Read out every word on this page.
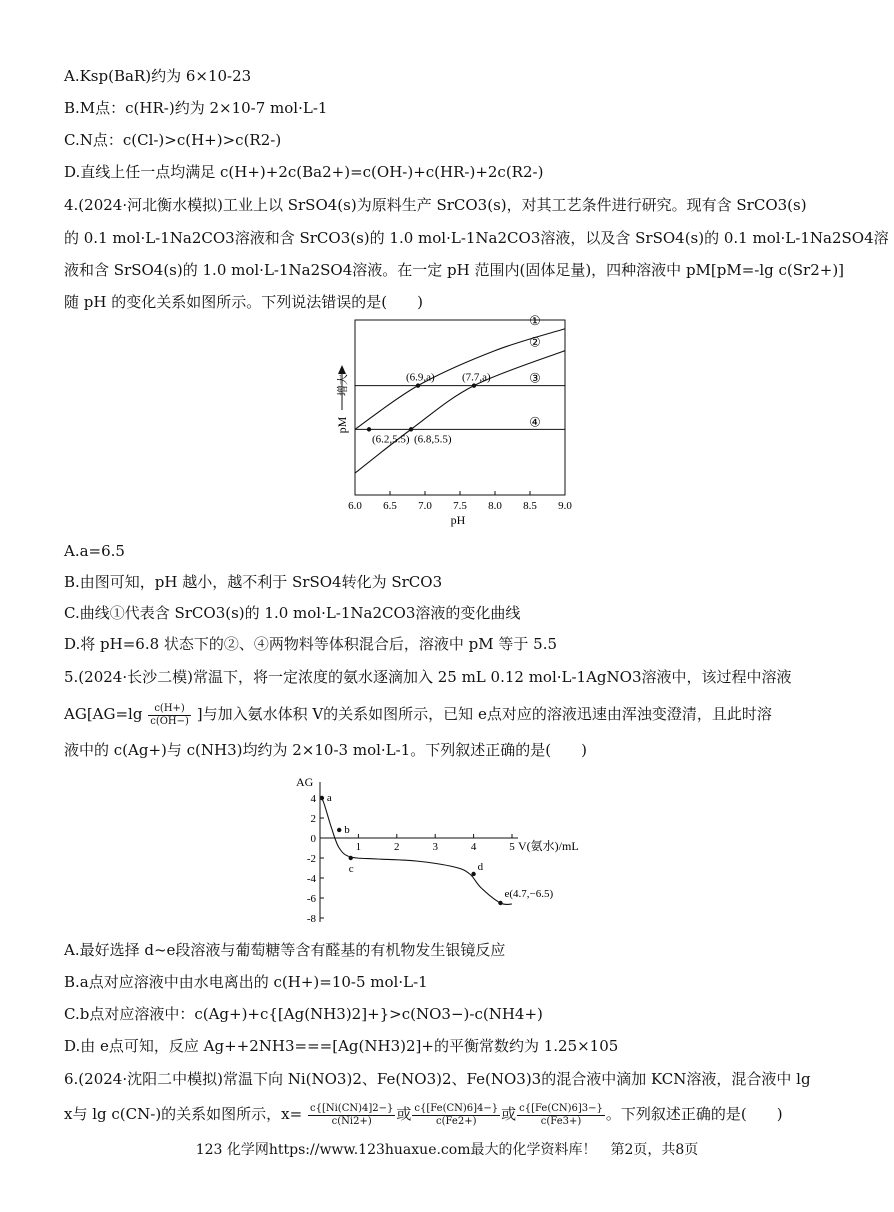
A.Ksp(BaR)约为 6×10-23
B.M点：c(HR-)约为 2×10-7 mol·L-1
C.N点：c(Cl-)>c(H+)>c(R2-)
D.直线上任一点均满足 c(H+)+2c(Ba2+)=c(OH-)+c(HR-)+2c(R2-)
4.(2024·河北衡水模拟)工业上以 SrSO4(s)为原料生产 SrCO3(s)，对其工艺条件进行研究。现有含 SrCO3(s)
的 0.1 mol·L-1Na2CO3溶液和含 SrCO3(s)的 1.0 mol·L-1Na2CO3溶液，以及含 SrSO4(s)的 0.1 mol·L-1Na2SO4溶
液和含 SrSO4(s)的 1.0 mol·L-1Na2SO4溶液。在一定 pH 范围内(固体足量)，四种溶液中 pM[pM=-lg c(Sr2+)]
随 pH 的变化关系如图所示。下列说法错误的是(　　)
①
②
③
④
(6.9,a) (7.7,a)
(6.2,5.5) (6.8,5.5)
6.0 6.5 7.0 7.5 8.0 8.5 9.0
pH
pM
增大
A.a=6.5
B.由图可知，pH 越小，越不利于 SrSO4转化为 SrCO3
C.曲线①代表含 SrCO3(s)的 1.0 mol·L-1Na2CO3溶液的变化曲线
D.将 pH=6.8 状态下的②、④两物料等体积混合后，溶液中 pM 等于 5.5
5.(2024·长沙二模)常温下，将一定浓度的氨水逐滴加入 25 mL 0.12 mol·L-1AgNO3溶液中，该过程中溶液
$AG[AG=\lg \frac{c(H+)}{c(OH-)}$ ]与加入氨水体积 V的关系如图所示，已知 e点对应的溶液迅速由浑浊变澄清，且此时溶
液中的 c(Ag+)与 c(NH3)均约为 2×10-3 mol·L-1。下列叙述正确的是(　　)
a
b
c	d
e(4.7,−6.5)
1	2	3	4	5
4
2
0
-2
-4
-6
-8
AG
V(氨水)/mL
A.最好选择 d~e段溶液与葡萄糖等含有醛基的有机物发生银镜反应
B.a点对应溶液中由水电离出的 c(H+)=10-5 mol·L-1
C.b点对应溶液中：c(Ag+)+c{[Ag(NH3)2]+}>c(NO3−)-c(NH4+)
D.由 e点可知，反应 Ag++2NH3===[Ag(NH3)2]+的平衡常数约为 1.25×105
6.(2024·沈阳二中模拟)常温下向 Ni(NO3)2、Fe(NO3)2、Fe(NO3)3的混合液中滴加 KCN溶液，混合液中 lg
x与 lg c(CN-)的关系如图所示，$x= \frac{c\{[Ni(CN)4]2-\}}{c(Ni2+)}$ 或 $\frac{c\{[Fe(CN)6]4-\}}{c(Fe2+)}$ 或 $\frac{c\{[Fe(CN)6]3-\}}{c(Fe3+)}$ 。下列叙述正确的是(　　)
123 化学网https://www.123huaxue.com最大的化学资料库！　第2页，共8页
